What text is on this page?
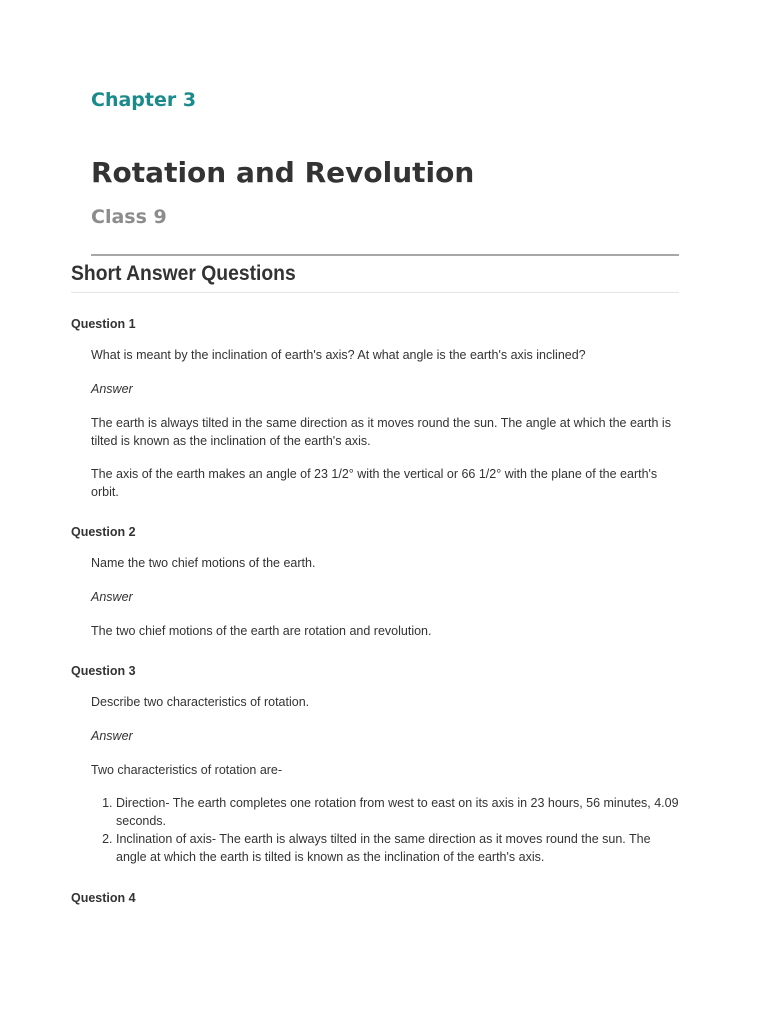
Chapter 3
Rotation and Revolution
Class 9
Short Answer Questions
Question 1

What is meant by the inclination of earth's axis? At what angle is the earth's axis inclined?

Answer

The earth is always tilted in the same direction as it moves round the sun. The angle at which the earth is tilted is known as the inclination of the earth's axis.

The axis of the earth makes an angle of 23 1/2° with the vertical or 66 1/2° with the plane of the earth's orbit.

Question 2

Name the two chief motions of the earth.

Answer

The two chief motions of the earth are rotation and revolution.

Question 3

Describe two characteristics of rotation.

Answer

Two characteristics of rotation are-

1. Direction- The earth completes one rotation from west to east on its axis in 23 hours, 56 minutes, 4.09 seconds.
2. Inclination of axis- The earth is always tilted in the same direction as it moves round the sun. The angle at which the earth is tilted is known as the inclination of the earth's axis.
Question 4
